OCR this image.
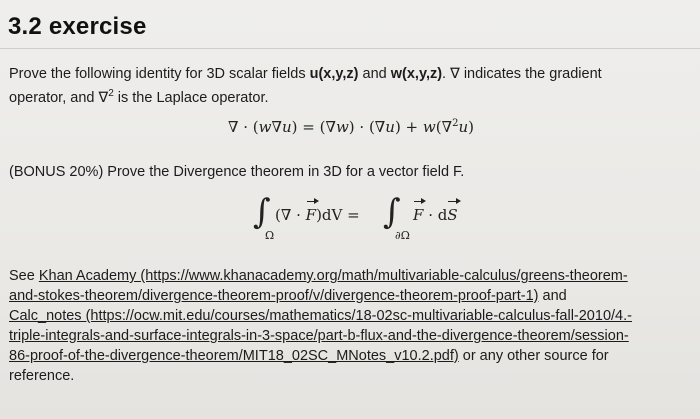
3.2 exercise
Prove the following identity for 3D scalar fields u(x,y,z) and w(x,y,z). ∇ indicates the gradient
operator, and ∇$^2$ is the Laplace operator.
∇ · (w∇u) = (∇w) · (∇u) + w(∇$^2$u)
(BONUS 20%) Prove the Divergence theorem in 3D for a vector field F.
∫
Ω
(∇ · F)dV = ∫
∂Ω
F · dS
See Khan Academy (https://www.khanacademy.org/math/multivariable-calculus/greens-theorem-
and-stokes-theorem/divergence-theorem-proof/v/divergence-theorem-proof-part-1) and
Calc_notes (https://ocw.mit.edu/courses/mathematics/18-02sc-multivariable-calculus-fall-2010/4.-
triple-integrals-and-surface-integrals-in-3-space/part-b-flux-and-the-divergence-theorem/session-
86-proof-of-the-divergence-theorem/MIT18_02SC_MNotes_v10.2.pdf) or any other source for
reference.
